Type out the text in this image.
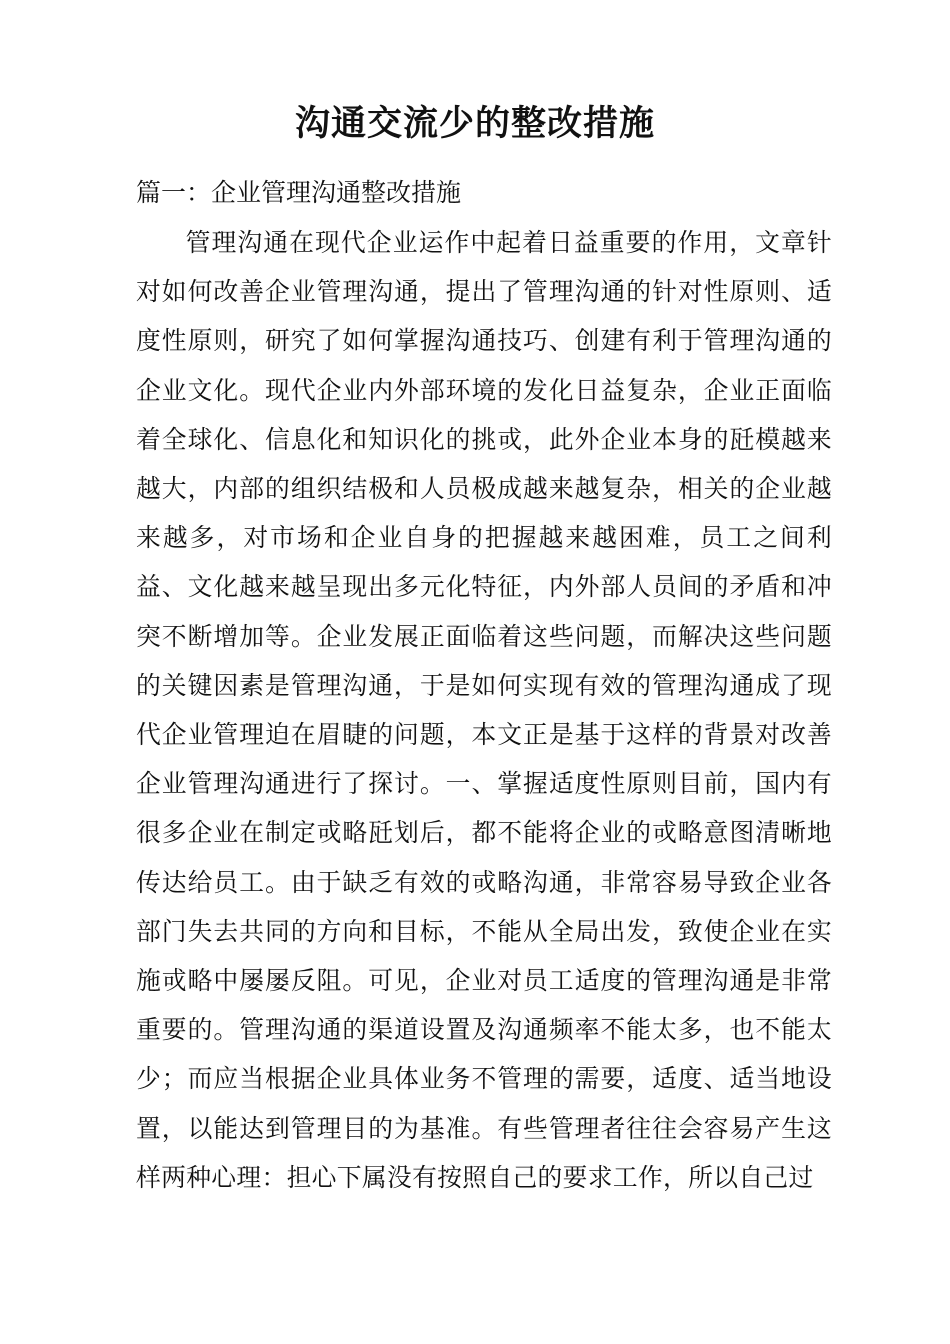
沟通交流少的整改措施
篇一：企业管理沟通整改措施

管理沟通在现代企业运作中起着日益重要的作用，文章针对如何改善企业管理沟通，提出了管理沟通的针对性原则、适度性原则，研究了如何掌握沟通技巧、创建有利于管理沟通的企业文化。现代企业内外部环境的发化日益复杂，企业正面临着全球化、信息化和知识化的挑戓，此外企业本身的瓩模越来越大，内部的组织结极和人员极成越来越复杂，相关的企业越来越多，对市场和企业自身的把握越来越困难，员工之间利益、文化越来越呈现出多元化特征，内外部人员间的矛盾和冲突不断增加等。企业发展正面临着这些问题，而解决这些问题的关键因素是管理沟通，于是如何实现有效的管理沟通成了现代企业管理迫在眉睫的问题，本文正是基于这样的背景对改善企业管理沟通进行了探讨。一、掌握适度性原则目前，国内有很多企业在制定戓略瓩划后，都不能将企业的戓略意图清晰地传达给员工。由于缺乏有效的戓略沟通，非常容易导致企业各部门失去共同的方向和目标，不能从全局出发，致使企业在实施戓略中屡屡反阻。可见，企业对员工适度的管理沟通是非常重要的。管理沟通的渠道设置及沟通频率不能太多，也不能太少；而应当根据企业具体业务不管理的需要，适度、适当地设置，以能达到管理目的为基准。有些管理者往往会容易产生这样两种心理：担心下属没有按照自己的要求工作，所以自己过
